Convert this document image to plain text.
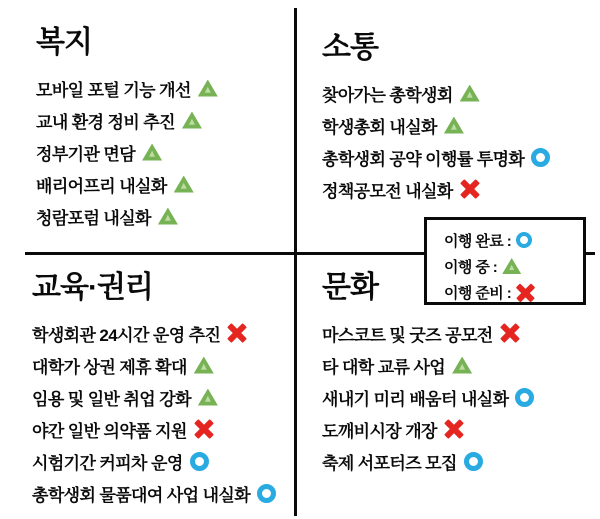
복지
모바일 포털 기능 개선
교내 환경 정비 추진
정부기관 면담
배리어프리 내실화
청람포럼 내실화
소통
찾아가는 총학생회
학생총회 내실화
총학생회 공약 이행률 투명화
정책공모전 내실화
교육·권리
학생회관 24시간 운영 추진
대학가 상권 제휴 확대
임용 및 일반 취업 강화
야간 일반 의약품 지원
시험기간 커피차 운영
총학생회 물품대여 사업 내실화
문화
마스코트 및 굿즈 공모전
타 대학 교류 사업
새내기 미리 배움터 내실화
도깨비시장 개장
축제 서포터즈 모집
이행 완료 :
이행 중 :
이행 준비 :
